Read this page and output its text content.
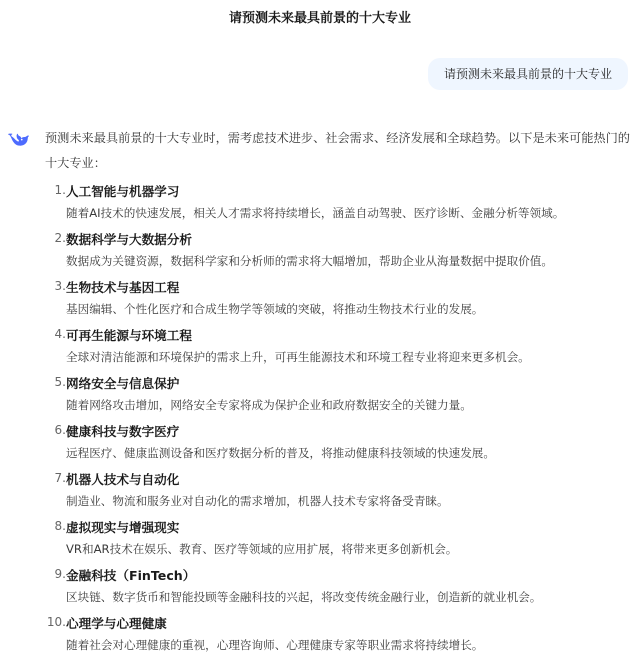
请预测未来最具前景的十大专业
请预测未来最具前景的十大专业
预测未来最具前景的十大专业时，需考虑技术进步、社会需求、经济发展和全球趋势。以下是未来可能热门的十大专业：
1. 人工智能与机器学习
随着AI技术的快速发展，相关人才需求将持续增长，涵盖自动驾驶、医疗诊断、金融分析等领域。
2. 数据科学与大数据分析
数据成为关键资源，数据科学家和分析师的需求将大幅增加，帮助企业从海量数据中提取价值。
3. 生物技术与基因工程
基因编辑、个性化医疗和合成生物学等领域的突破，将推动生物技术行业的发展。
4. 可再生能源与环境工程
全球对清洁能源和环境保护的需求上升，可再生能源技术和环境工程专业将迎来更多机会。
5. 网络安全与信息保护
随着网络攻击增加，网络安全专家将成为保护企业和政府数据安全的关键力量。
6. 健康科技与数字医疗
远程医疗、健康监测设备和医疗数据分析的普及，将推动健康科技领域的快速发展。
7. 机器人技术与自动化
制造业、物流和服务业对自动化的需求增加，机器人技术专家将备受青睐。
8. 虚拟现实与增强现实
VR和AR技术在娱乐、教育、医疗等领域的应用扩展，将带来更多创新机会。
9. 金融科技（FinTech）
区块链、数字货币和智能投顾等金融科技的兴起，将改变传统金融行业，创造新的就业机会。
10. 心理学与心理健康
随着社会对心理健康的重视，心理咨询师、心理健康专家等职业需求将持续增长。
